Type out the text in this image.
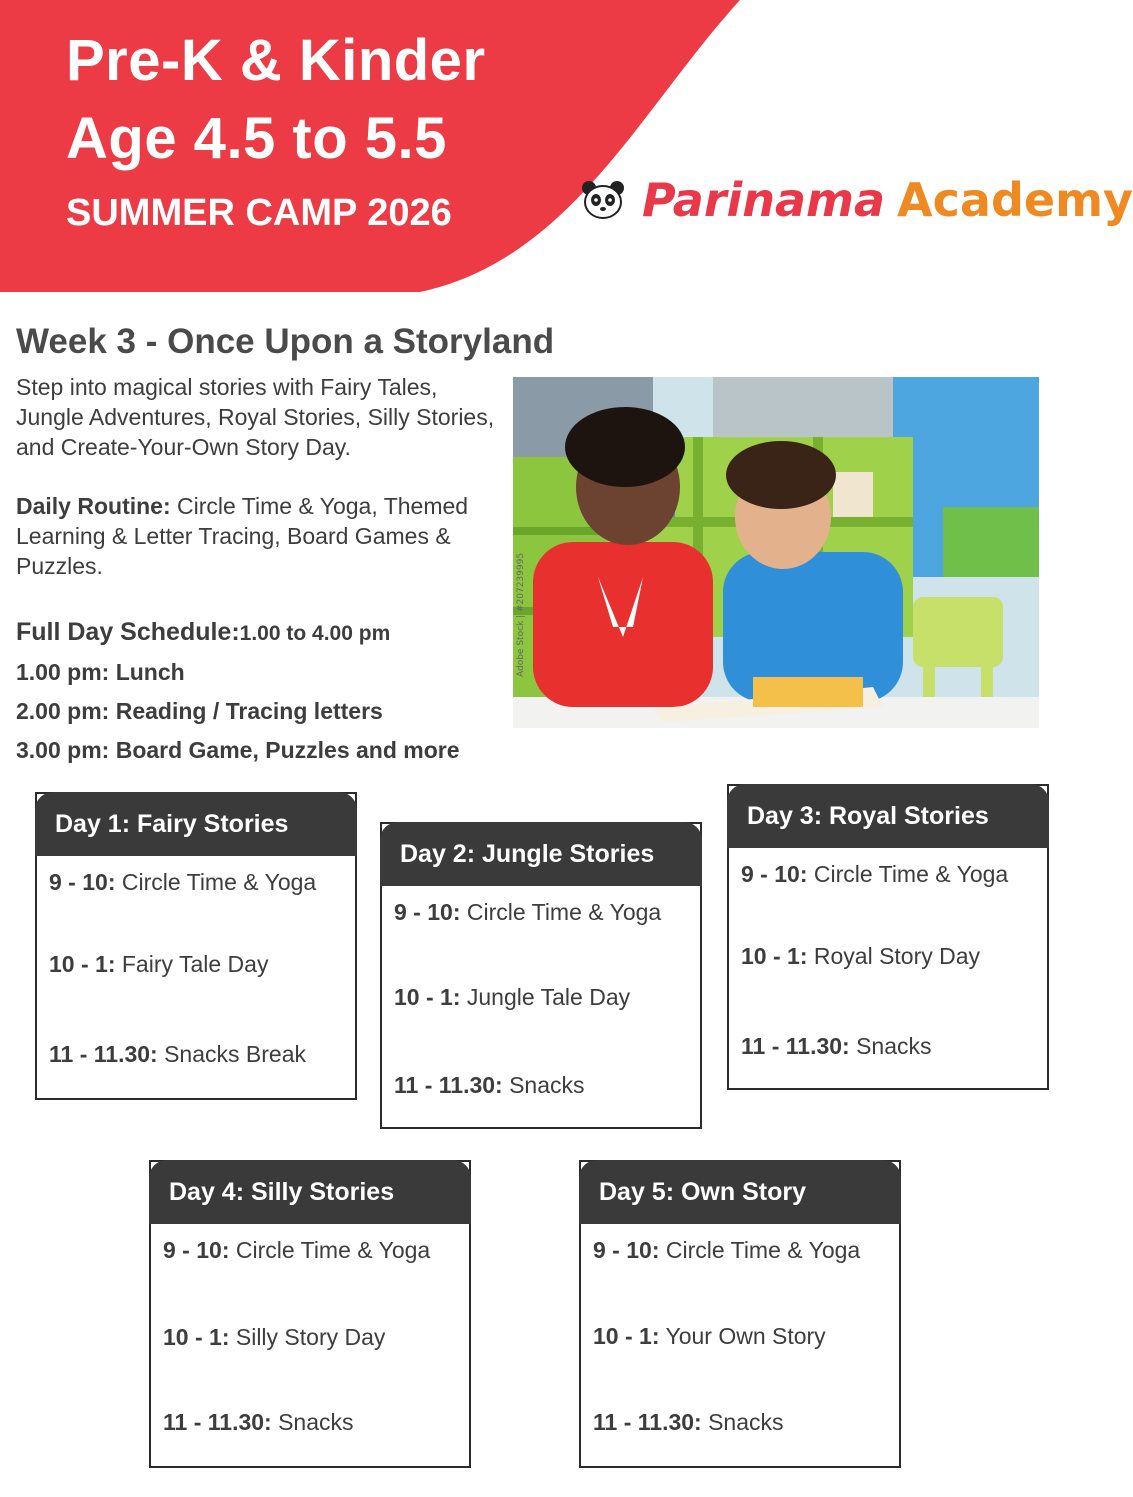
Pre-K & Kinder
Age 4.5 to 5.5
SUMMER CAMP 2026	Parinama Academy
Week 3 - Once Upon a Storyland
Step into magical stories with Fairy Tales, Jungle Adventures, Royal Stories, Silly Stories, and Create-Your-Own Story Day.
Daily Routine: Circle Time & Yoga, Themed Learning & Letter Tracing, Board Games & Puzzles.
Full Day Schedule:1.00 to 4.00 pm
1.00 pm: Lunch
2.00 pm: Reading / Tracing letters
3.00 pm: Board Game, Puzzles and more
Adobe Stock | #207239995
Day 1: Fairy Stories
9 - 10: Circle Time & Yoga
10 - 1: Fairy Tale Day
11 - 11.30: Snacks Break
Day 2: Jungle Stories
9 - 10: Circle Time & Yoga
10 - 1: Jungle Tale Day
11 - 11.30: Snacks
Day 3: Royal Stories
9 - 10: Circle Time & Yoga
10 - 1: Royal Story Day
11 - 11.30: Snacks
Day 4: Silly Stories
9 - 10: Circle Time & Yoga
10 - 1: Silly Story Day
11 - 11.30: Snacks
Day 5: Own Story
9 - 10: Circle Time & Yoga
10 - 1: Your Own Story
11 - 11.30: Snacks
